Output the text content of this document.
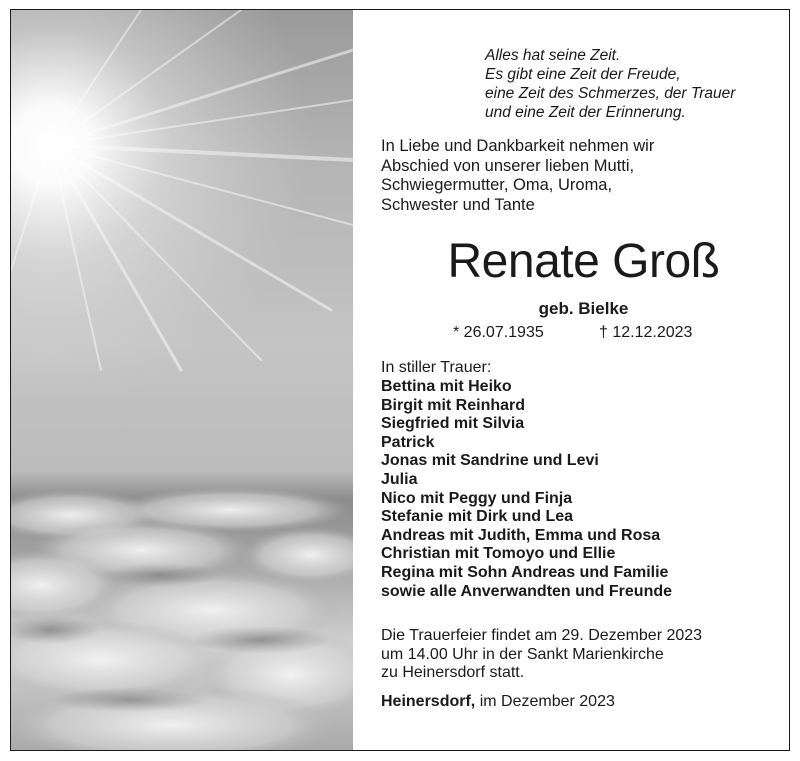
Alles hat seine Zeit.
Es gibt eine Zeit der Freude,
eine Zeit des Schmerzes, der Trauer
und eine Zeit der Erinnerung.
In Liebe und Dankbarkeit nehmen wir
Abschied von unserer lieben Mutti,
Schwiegermutter, Oma, Uroma,
Schwester und Tante
Renate Groß
geb. Bielke
* 26.07.1935	† 12.12.2023
In stiller Trauer:
Bettina mit Heiko
Birgit mit Reinhard
Siegfried mit Silvia
Patrick
Jonas mit Sandrine und Levi
Julia
Nico mit Peggy und Finja
Stefanie mit Dirk und Lea
Andreas mit Judith, Emma und Rosa
Christian mit Tomoyo und Ellie
Regina mit Sohn Andreas und Familie
sowie alle Anverwandten und Freunde
Die Trauerfeier findet am 29. Dezember 2023
um 14.00 Uhr in der Sankt Marienkirche
zu Heinersdorf statt.
Heinersdorf, im Dezember 2023
